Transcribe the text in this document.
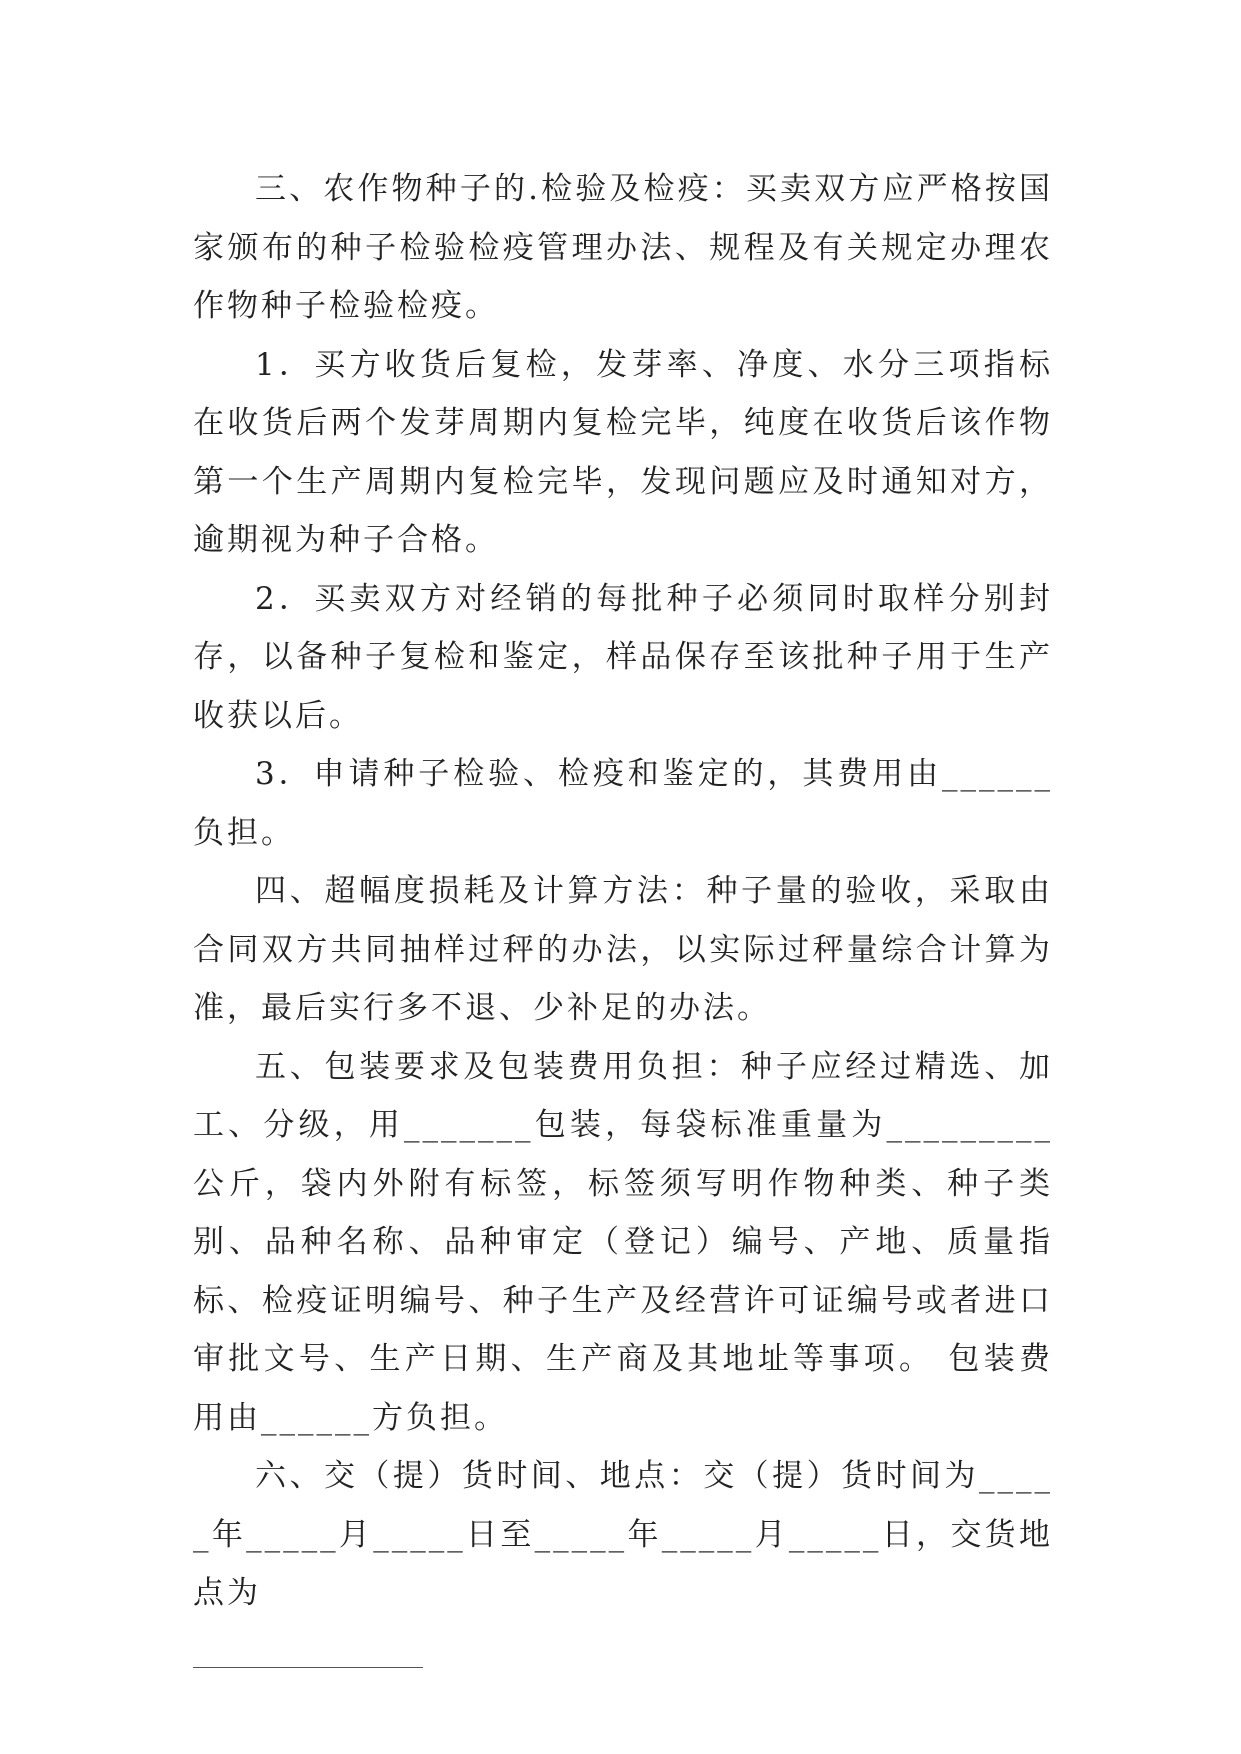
三、农作物种子的.检验及检疫：买卖双方应严格按国家颁布的种子检验检疫管理办法、规程及有关规定办理农作物种子检验检疫。

1．买方收货后复检，发芽率、净度、水分三项指标在收货后两个发芽周期内复检完毕，纯度在收货后该作物第一个生产周期内复检完毕，发现问题应及时通知对方，逾期视为种子合格。

2．买卖双方对经销的每批种子必须同时取样分别封存，以备种子复检和鉴定，样品保存至该批种子用于生产收获以后。

3．申请种子检验、检疫和鉴定的，其费用由______负担。

四、超幅度损耗及计算方法：种子量的验收，采取由合同双方共同抽样过秤的办法，以实际过秤量综合计算为准，最后实行多不退、少补足的办法。

五、包装要求及包装费用负担：种子应经过精选、加工、分级，用_______包装，每袋标准重量为_________公斤，袋内外附有标签，标签须写明作物种类、种子类别、品种名称、品种审定（登记）编号、产地、质量指标、检疫证明编号、种子生产及经营许可证编号或者进口审批文号、生产日期、生产商及其地址等事项。 包装费用由______方负担。

六、交（提）货时间、地点：交（提）货时间为_____年_____月_____日至_____年_____月_____日，交货地点为
